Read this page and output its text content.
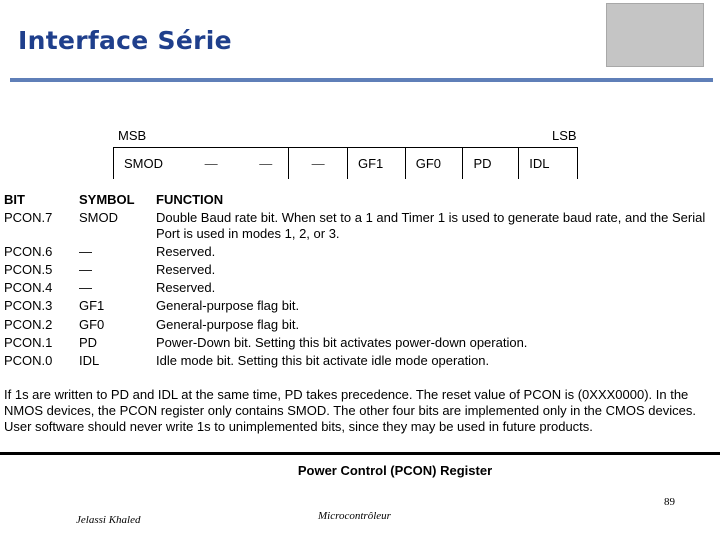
Interface Série
MSB	LSB
SMOD	—	—	—	GF1	GF0	PD	IDL
BIT	SYMBOL FUNCTION
PCON.7 SMOD	Double Baud rate bit. When set to a 1 and Timer 1 is used to generate baud rate, and the Serial Port is used in modes 1, 2, or 3.
PCON.6 —	Reserved.
PCON.5 —	Reserved.
PCON.4 —	Reserved.
PCON.3 GF1	General-purpose flag bit.
PCON.2 GF0	General-purpose flag bit.
PCON.1 PD	Power-Down bit. Setting this bit activates power-down operation.
PCON.0 IDL	Idle mode bit. Setting this bit activate idle mode operation.
If 1s are written to PD and IDL at the same time, PD takes precedence. The reset value of PCON is (0XXX0000). In the NMOS devices, the PCON register only contains SMOD. The other four bits are implemented only in the CMOS devices. User software should never write 1s to unimplemented bits, since they may be used in future products.
Power Control (PCON) Register
89
Jelassi Khaled	Microcontrôleur
